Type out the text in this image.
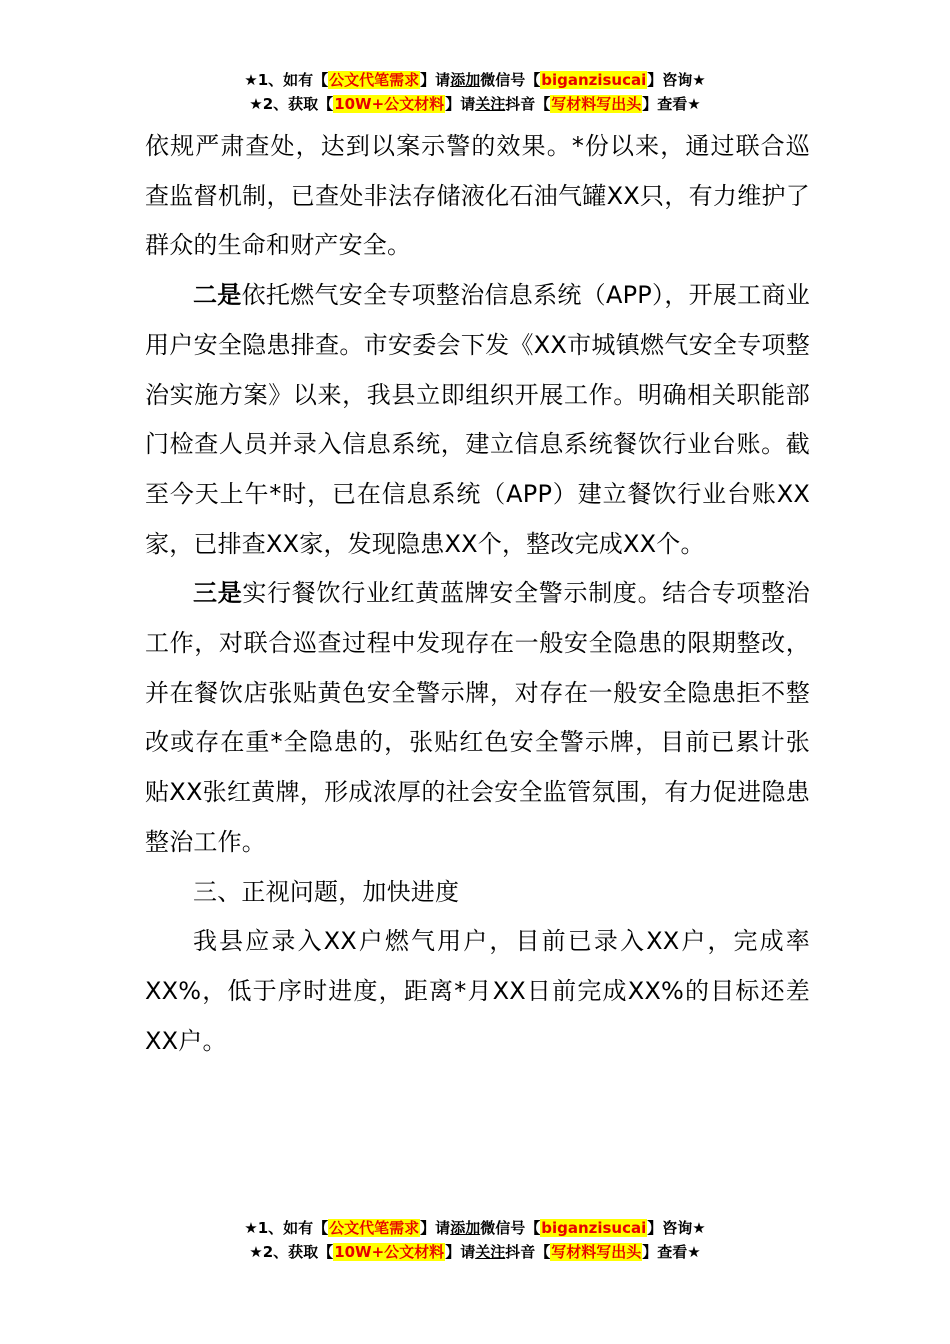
★1、如有【公文代笔需求】请添加微信号【biganzisucai】咨询★
★2、获取【10W+公文材料】请关注抖音【写材料写出头】查看★

依规严肃查处，达到以案示警的效果。*份以来，通过联合巡查监督机制，已查处非法存储液化石油气罐XX只，有力维护了群众的生命和财产安全。

二是依托燃气安全专项整治信息系统（APP），开展工商业用户安全隐患排查。市安委会下发《XX市城镇燃气安全专项整治实施方案》以来，我县立即组织开展工作。明确相关职能部门检查人员并录入信息系统，建立信息系统餐饮行业台账。截至今天上午*时，已在信息系统（APP）建立餐饮行业台账XX家，已排查XX家，发现隐患XX个，整改完成XX个。

三是实行餐饮行业红黄蓝牌安全警示制度。结合专项整治工作，对联合巡查过程中发现存在一般安全隐患的限期整改，并在餐饮店张贴黄色安全警示牌，对存在一般安全隐患拒不整改或存在重*全隐患的，张贴红色安全警示牌，目前已累计张贴XX张红黄牌，形成浓厚的社会安全监管氛围，有力促进隐患整治工作。

三、正视问题，加快进度

我县应录入XX户燃气用户，目前已录入XX户，完成率XX%，低于序时进度，距离*月XX日前完成XX%的目标还差XX户。

★1、如有【公文代笔需求】请添加微信号【biganzisucai】咨询★
★2、获取【10W+公文材料】请关注抖音【写材料写出头】查看★
